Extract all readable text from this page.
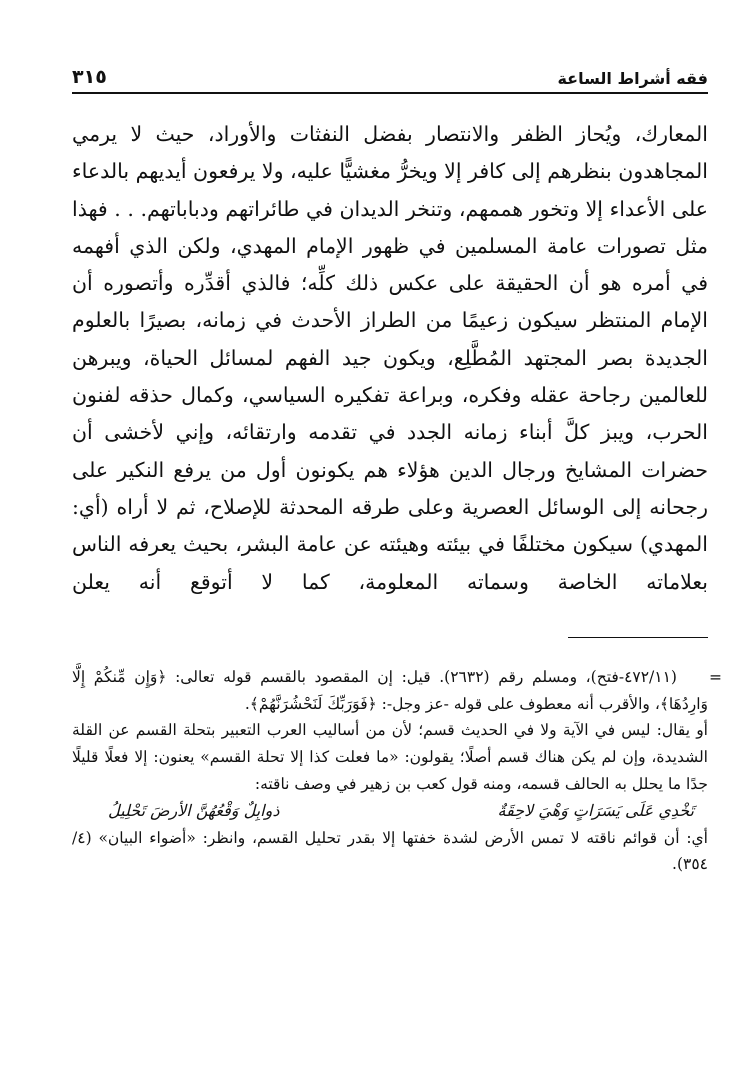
فقه أشراط الساعة
٣١٥

المعارك، ويُحاز الظفر والانتصار بفضل النفثات والأوراد، حيث لا يرمي المجاهدون بنظرهم إلى كافر إلا ويخرُّ مغشيًّا عليه، ولا يرفعون أيديهم بالدعاء على الأعداء إلا وتخور هممهم، وتنخر الديدان في طائراتهم ودباباتهم. . . فهذا مثل تصورات عامة المسلمين في ظهور الإمام المهدي، ولكن الذي أفهمه في أمره هو أن الحقيقة على عكس ذلك كلِّه؛ فالذي أقدِّره وأتصوره أن الإمام المنتظر سيكون زعيمًا من الطراز الأحدث في زمانه، بصيرًا بالعلوم الجديدة بصر المجتهد المُطَّلِع، ويكون جيد الفهم لمسائل الحياة، ويبرهن للعالمين رجاحة عقله وفكره، وبراعة تفكيره السياسي، وكمال حذقه لفنون الحرب، ويبز كلَّ أبناء زمانه الجدد في تقدمه وارتقائه، وإني لأخشى أن حضرات المشايخ ورجال الدين هؤلاء هم يكونون أول من يرفع النكير على رجحانه إلى الوسائل العصرية وعلى طرقه المحدثة للإصلاح، ثم لا أراه (أي: المهدي) سيكون مختلفًا في بيئته وهيئته عن عامة البشر، بحيث يعرفه الناس بعلاماته الخاصة وسماته المعلومة، كما لا أتوقع أنه يعلن

=(٤٧٢/١١-فتح)، ومسلم رقم (٢٦٣٢). قيل: إن المقصود بالقسم قوله تعالى: ﴿وَإِن مِّنكُمْ إِلَّا وَارِدُهَا﴾، والأقرب أنه معطوف على قوله -عز وجل-: ﴿فَوَرَبِّكَ لَنَحْشُرَنَّهُمْ﴾.

أو يقال: ليس في الآية ولا في الحديث قسم؛ لأن من أساليب العرب التعبير بتحلة القسم عن القلة الشديدة، وإن لم يكن هناك قسم أصلًا؛ يقولون: «ما فعلت كذا إلا تحلة القسم» يعنون: إلا فعلًا قليلًا جدًا ما يحلل به الحالف قسمه، ومنه قول كعب بن زهير في وصف ناقته:

تَخْدِي عَلَى يَسَرَاتٍ وَهْيَ لاحِقَةٌ
ذوابِلٌ وَقْعُهُنَّ الأرضَ تَحْلِيلُ

أي: أن قوائم ناقته لا تمس الأرض لشدة خفتها إلا بقدر تحليل القسم، وانظر: «أضواء البيان» (٤/ ٣٥٤).
